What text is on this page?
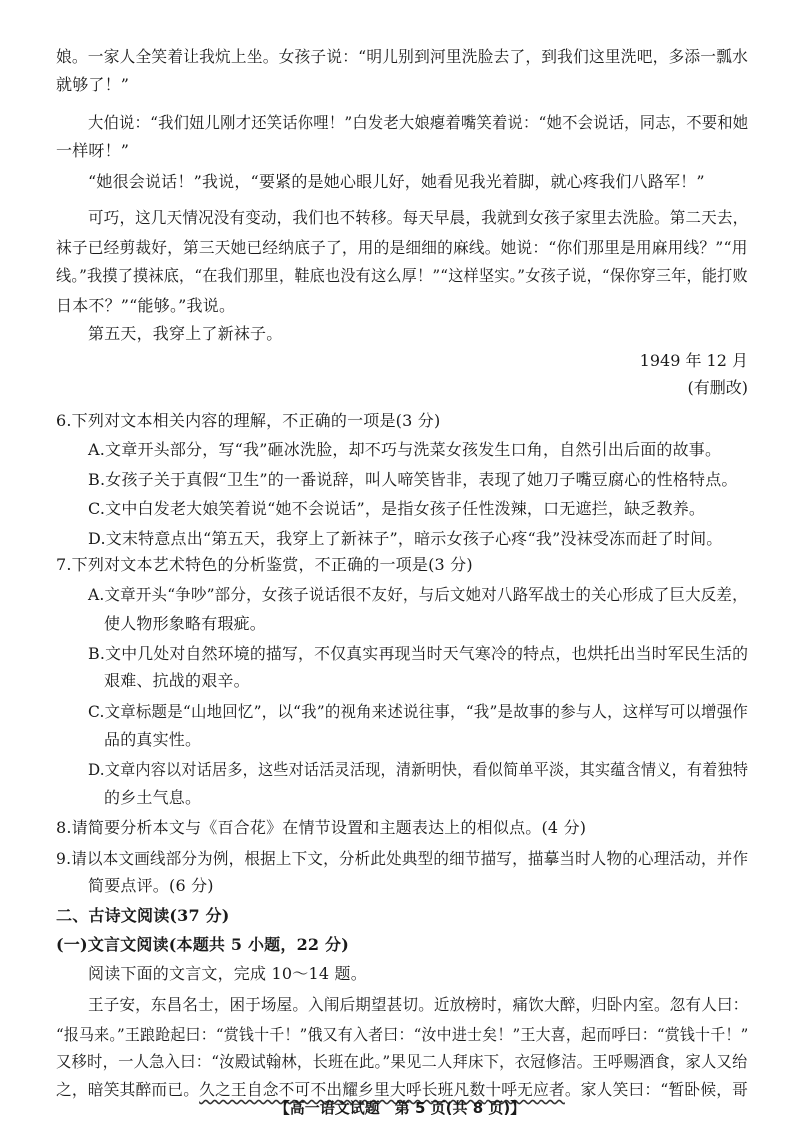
娘。一家人全笑着让我炕上坐。女孩子说：“明儿别到河里洗脸去了，到我们这里洗吧，多添一瓢水
就够了！”
大伯说：“我们妞儿刚才还笑话你哩！”白发老大娘瘪着嘴笑着说：“她不会说话，同志，不要和她
一样呀！”
“她很会说话！”我说，“要紧的是她心眼儿好，她看见我光着脚，就心疼我们八路军！”
可巧，这几天情况没有变动，我们也不转移。每天早晨，我就到女孩子家里去洗脸。第二天去，
袜子已经剪裁好，第三天她已经纳底子了，用的是细细的麻线。她说：“你们那里是用麻用线？”“用
线。”我摸了摸袜底，“在我们那里，鞋底也没有这么厚！”“这样坚实。”女孩子说，“保你穿三年，能打败
日本不？”“能够。”我说。
第五天，我穿上了新袜子。
1949 年 12 月
(有删改)
6.下列对文本相关内容的理解，不正确的一项是(3 分)
A.文章开头部分，写“我”砸冰洗脸，却不巧与洗菜女孩发生口角，自然引出后面的故事。
B.女孩子关于真假“卫生”的一番说辞，叫人啼笑皆非，表现了她刀子嘴豆腐心的性格特点。
C.文中白发老大娘笑着说“她不会说话”，是指女孩子任性泼辣，口无遮拦，缺乏教养。
D.文末特意点出“第五天，我穿上了新袜子”，暗示女孩子心疼“我”没袜受冻而赶了时间。
7.下列对文本艺术特色的分析鉴赏，不正确的一项是(3 分)
A.文章开头“争吵”部分，女孩子说话很不友好，与后文她对八路军战士的关心形成了巨大反差，
使人物形象略有瑕疵。
B.文中几处对自然环境的描写，不仅真实再现当时天气寒冷的特点，也烘托出当时军民生活的
艰难、抗战的艰辛。
C.文章标题是“山地回忆”，以“我”的视角来述说往事，“我”是故事的参与人，这样写可以增强作
品的真实性。
D.文章内容以对话居多，这些对话活灵活现，清新明快，看似简单平淡，其实蕴含情义，有着独特
的乡土气息。
8.请简要分析本文与《百合花》在情节设置和主题表达上的相似点。(4 分)
9.请以本文画线部分为例，根据上下文，分析此处典型的细节描写，描摹当时人物的心理活动，并作
简要点评。(6 分)
二、古诗文阅读(37 分)
(一)文言文阅读(本题共 5 小题，22 分)
阅读下面的文言文，完成 10～14 题。
王子安，东昌名士，困于场屋。入闱后期望甚切。近放榜时，痛饮大醉，归卧内室。忽有人曰：
“报马来。”王踉跄起曰：“赏钱十千！”俄又有入者曰：“汝中进士矣！”王大喜，起而呼曰：“赏钱十千！”
又移时，一人急入曰：“汝殿试翰林，长班在此。”果见二人拜床下，衣冠修洁。王呼赐酒食，家人又绐
之，暗笑其醉而已。久之王自念不可不出耀乡里大呼长班凡数十呼无应者。家人笑曰：“暂卧候，哥
【高一语文试题　第 5 页(共 8 页)】
